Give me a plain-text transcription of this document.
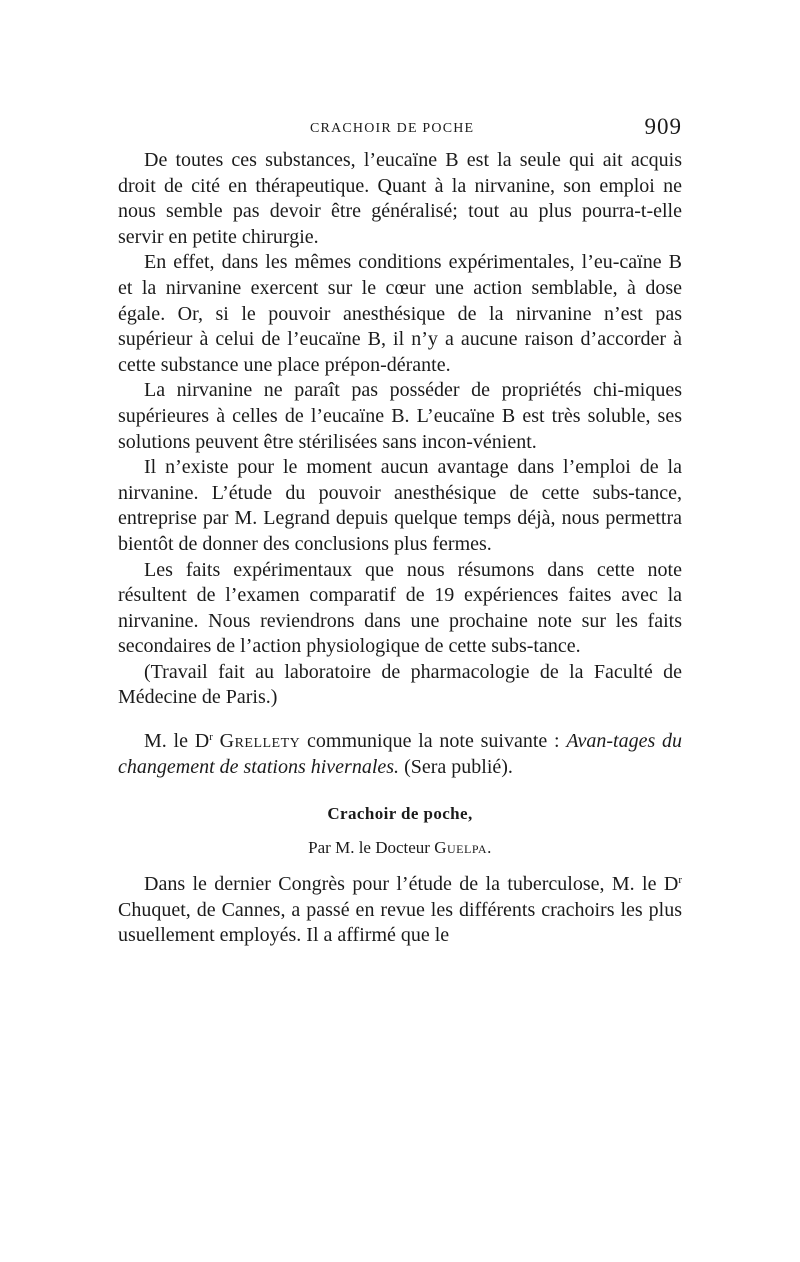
CRACHOIR DE POCHE	909

De toutes ces substances, l’eucaïne B est la seule qui ait acquis droit de cité en thérapeutique. Quant à la nirvanine, son emploi ne nous semble pas devoir être généralisé; tout au plus pourra-t-elle servir en petite chirurgie.

En effet, dans les mêmes conditions expérimentales, l’eu-caïne B et la nirvanine exercent sur le cœur une action semblable, à dose égale. Or, si le pouvoir anesthésique de la nirvanine n’est pas supérieur à celui de l’eucaïne B, il n’y a aucune raison d’accorder à cette substance une place prépon-dérante.

La nirvanine ne paraît pas posséder de propriétés chi-miques supérieures à celles de l’eucaïne B. L’eucaïne B est très soluble, ses solutions peuvent être stérilisées sans incon-vénient.

Il n’existe pour le moment aucun avantage dans l’emploi de la nirvanine. L’étude du pouvoir anesthésique de cette subs-tance, entreprise par M. Legrand depuis quelque temps déjà, nous permettra bientôt de donner des conclusions plus fermes.

Les faits expérimentaux que nous résumons dans cette note résultent de l’examen comparatif de 19 expériences faites avec la nirvanine. Nous reviendrons dans une prochaine note sur les faits secondaires de l’action physiologique de cette subs-tance.

(Travail fait au laboratoire de pharmacologie de la Faculté de Médecine de Paris.)

M. le $D^r$ Grellety communique la note suivante : Avan-tages du changement de stations hivernales. (Sera publié).

Crachoir de poche,
Par M. le Docteur Guelpa.

Dans le dernier Congrès pour l’étude de la tuberculose, M. le $D^r$ Chuquet, de Cannes, a passé en revue les différents crachoirs les plus usuellement employés. Il a affirmé que le
